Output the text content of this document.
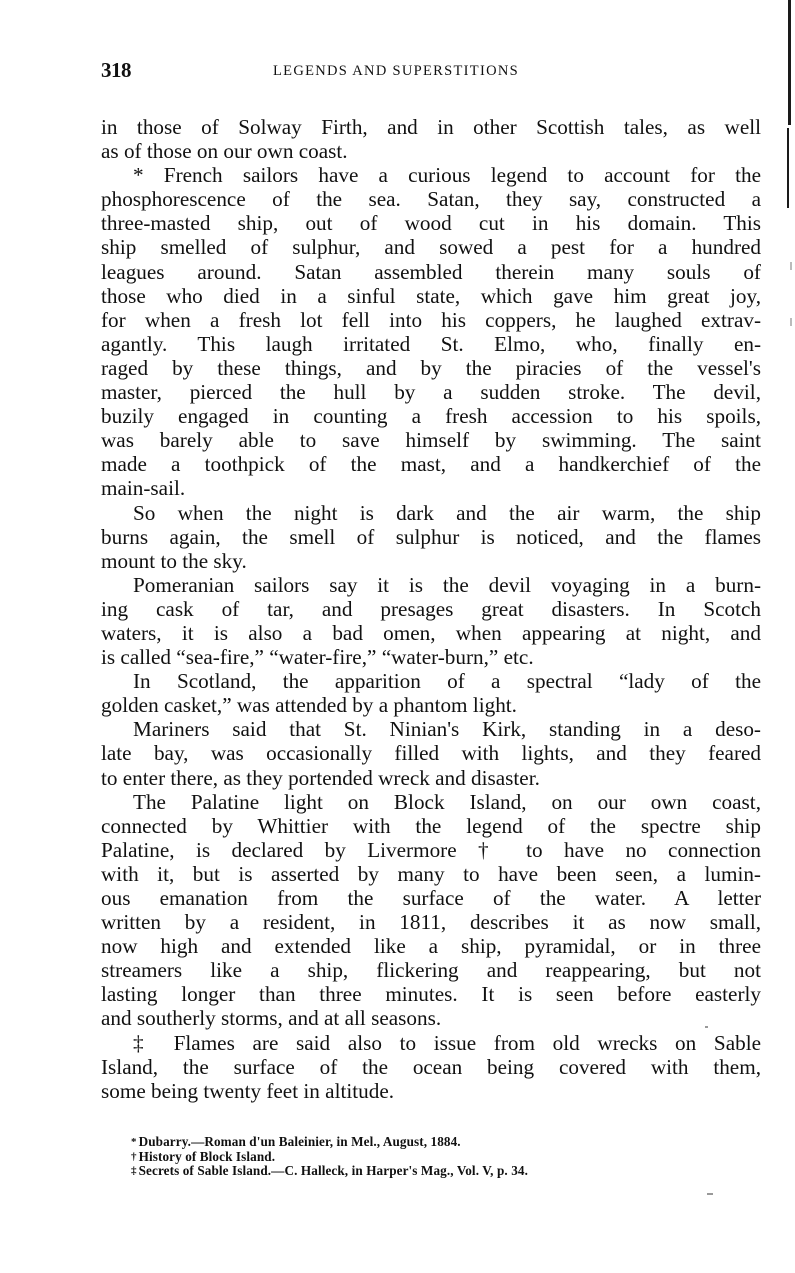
318	LEGENDS AND SUPERSTITIONS
in those of Solway Firth, and in other Scottish tales, as well
as of those on our own coast.
* French sailors have a curious legend to account for the
phosphorescence of the sea. Satan, they say, constructed a
three-masted ship, out of wood cut in his domain. This
ship smelled of sulphur, and sowed a pest for a hundred
leagues around. Satan assembled therein many souls of
those who died in a sinful state, which gave him great joy,
for when a fresh lot fell into his coppers, he laughed extrav-
agantly. This laugh irritated St. Elmo, who, finally en-
raged by these things, and by the piracies of the vessel's
master, pierced the hull by a sudden stroke. The devil,
buzily engaged in counting a fresh accession to his spoils,
was barely able to save himself by swimming. The saint
made a toothpick of the mast, and a handkerchief of the
main-sail.
So when the night is dark and the air warm, the ship
burns again, the smell of sulphur is noticed, and the flames
mount to the sky.
Pomeranian sailors say it is the devil voyaging in a burn-
ing cask of tar, and presages great disasters. In Scotch
waters, it is also a bad omen, when appearing at night, and
is called “sea-fire,” “water-fire,” “water-burn,” etc.
In Scotland, the apparition of a spectral “lady of the
golden casket,” was attended by a phantom light.
Mariners said that St. Ninian's Kirk, standing in a deso-
late bay, was occasionally filled with lights, and they feared
to enter there, as they portended wreck and disaster.
The Palatine light on Block Island, on our own coast,
connected by Whittier with the legend of the spectre ship
Palatine, is declared by Livermore † to have no connection
with it, but is asserted by many to have been seen, a lumin-
ous emanation from the surface of the water. A letter
written by a resident, in 1811, describes it as now small,
now high and extended like a ship, pyramidal, or in three
streamers like a ship, flickering and reappearing, but not
lasting longer than three minutes. It is seen before easterly
and southerly storms, and at all seasons.
‡ Flames are said also to issue from old wrecks on Sable
Island, the surface of the ocean being covered with them,
some being twenty feet in altitude.
* Dubarry.—Roman d'un Baleinier, in Mel., August, 1884.
† History of Block Island.
‡ Secrets of Sable Island.—C. Halleck, in Harper's Mag., Vol. V, p. 34.
